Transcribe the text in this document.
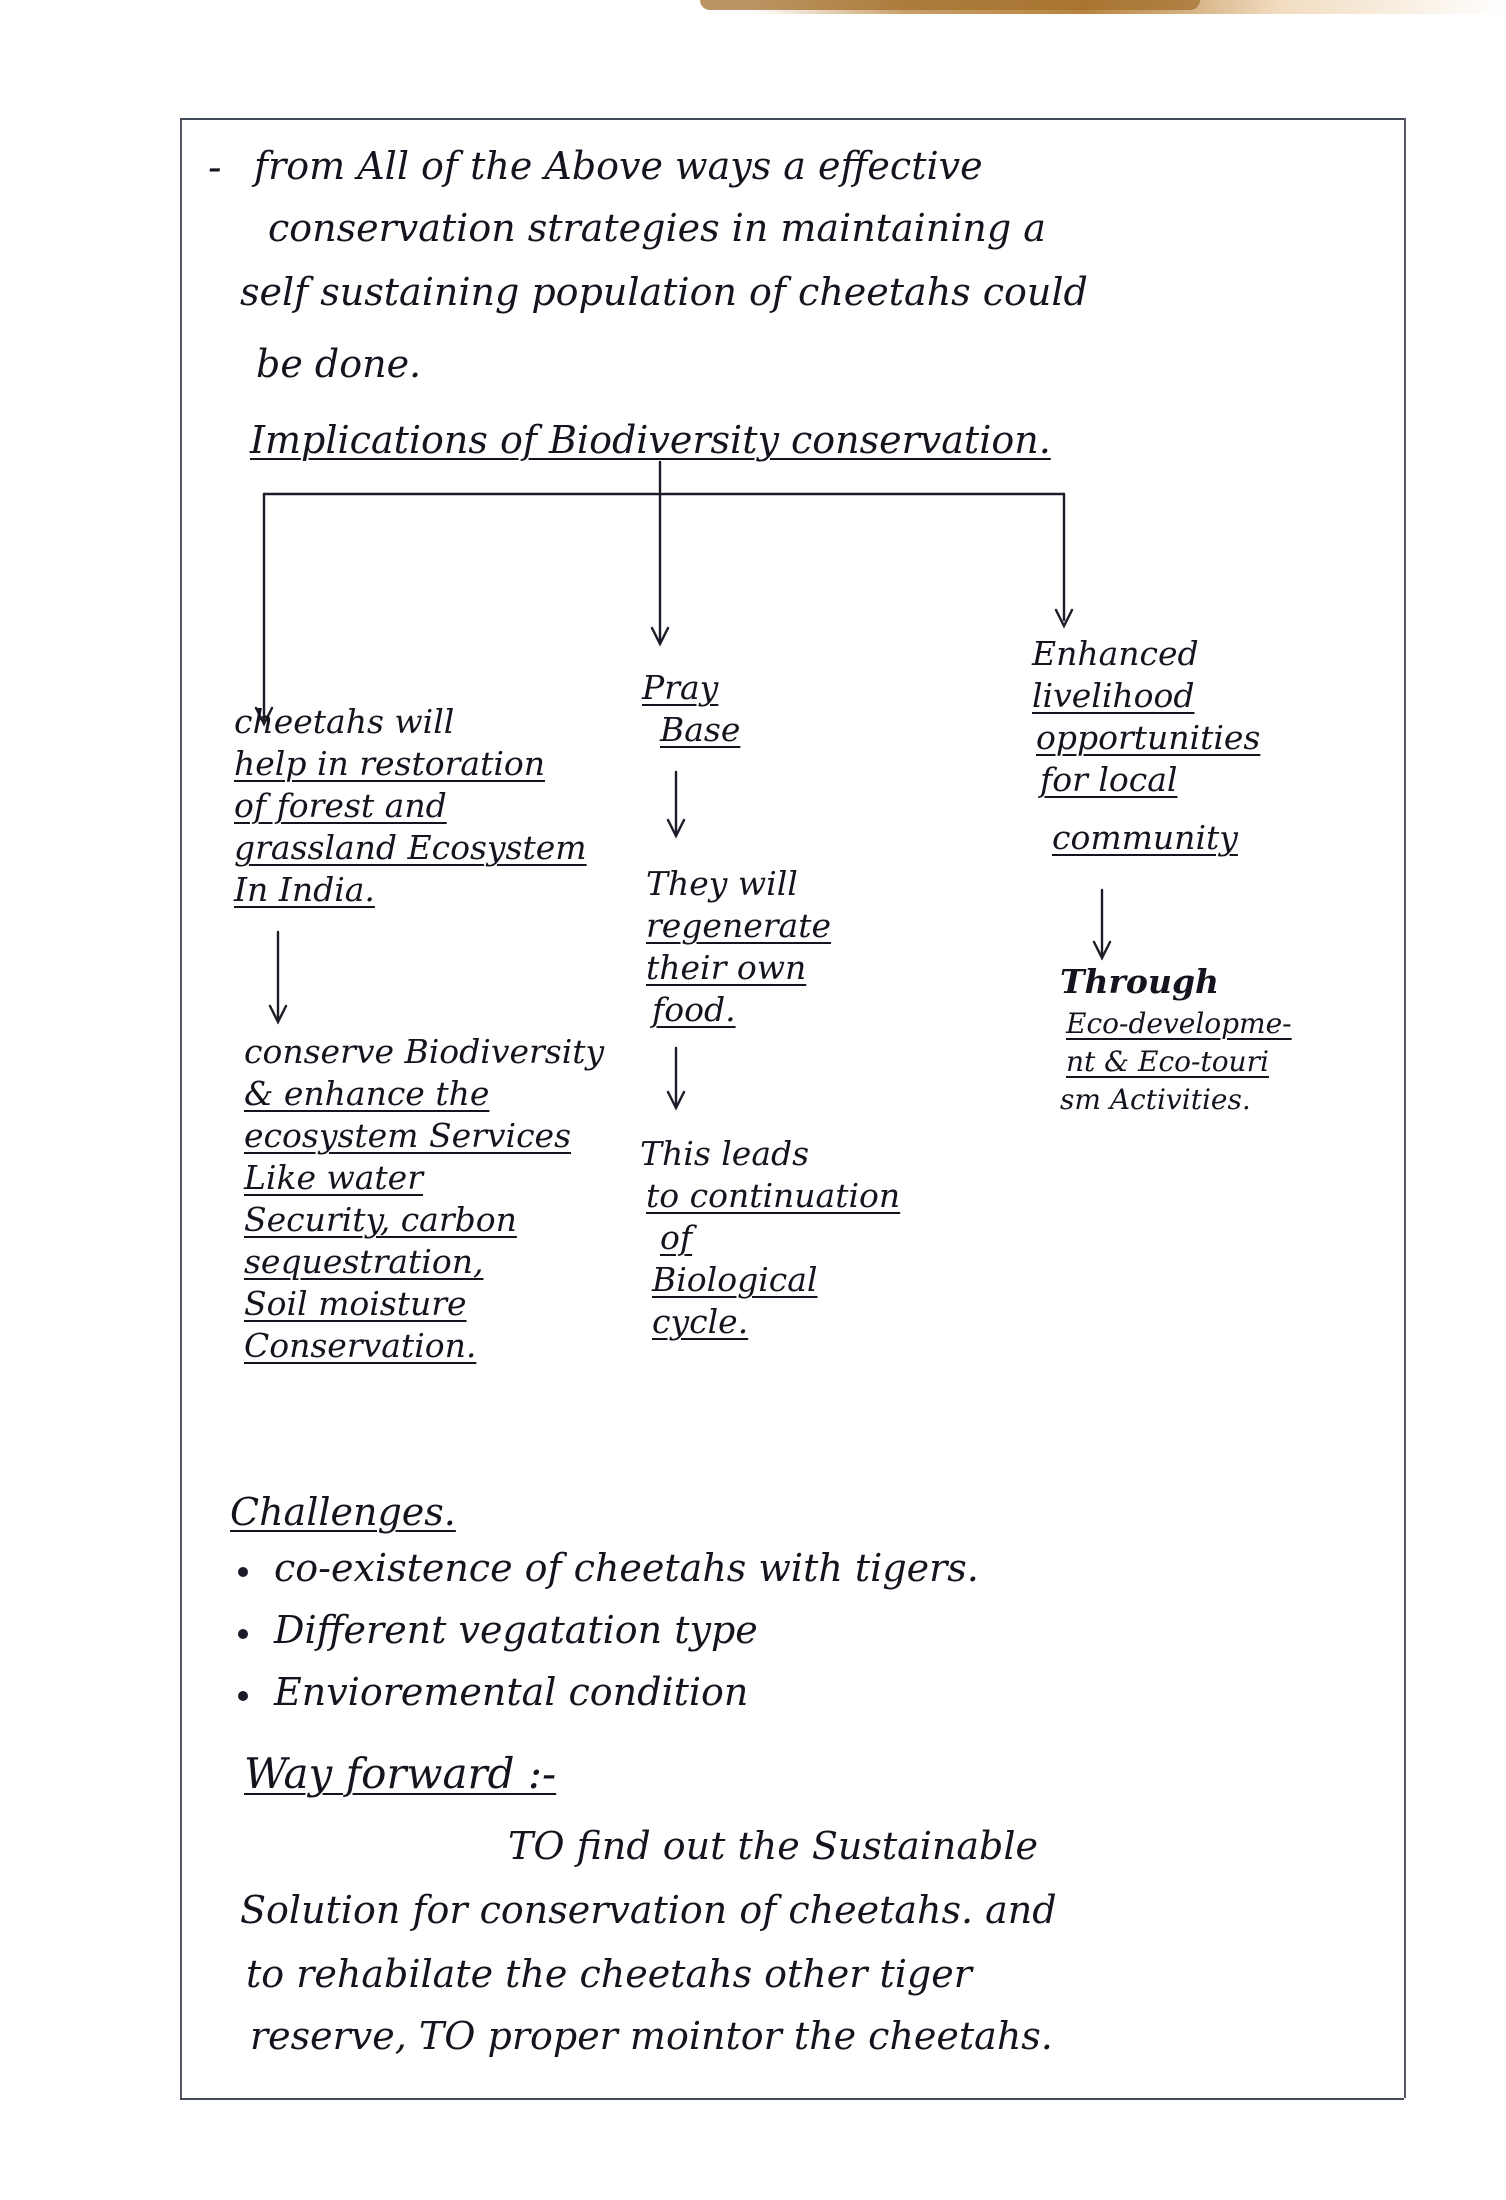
- from All of the Above ways a effective
conservation strategies in maintaining a
self sustaining population of cheetahs could
be done.
Implications of Biodiversity conservation.
cheetahs will
help in restoration
of forest and
grassland Ecosystem
In India.
conserve Biodiversity
& enhance the
ecosystem Services
Like water
Security, carbon
sequestration,
Soil moisture
Conservation.
Pray
Base
They will
regenerate
their own
food.
This leads
to continuation
of
Biological
cycle.
Enhanced
livelihood
opportunities
for local
community
Through
Eco-developme-
nt & Eco-touri
sm Activities.
Challenges.
co-existence of cheetahs with tigers.
Different vegatation type
Envioremental condition
Way forward :-
TO find out the Sustainable
Solution for conservation of cheetahs. and
to rehabilate the cheetahs other tiger
reserve, TO proper mointor the cheetahs.
